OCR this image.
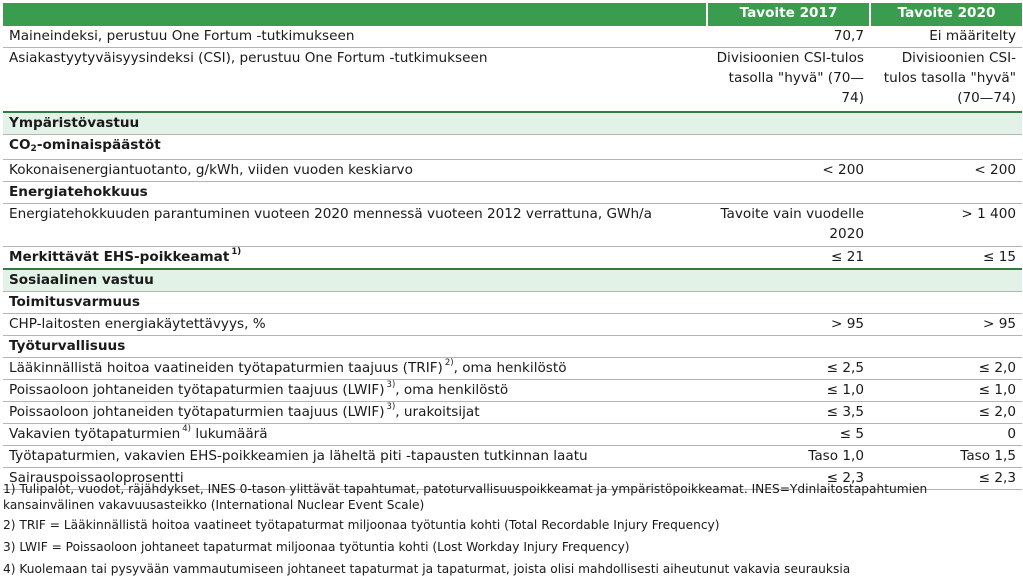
	Tavoite 2017	Tavoite 2020
Maineindeksi, perustuu One Fortum -tutkimukseen	70,7	Ei määritelty
Asiakastyytyväisyysindeksi (CSI), perustuu One Fortum -tutkimukseen	Divisioonien CSI-tulos tasolla "hyvä" (70—74)	Divisioonien CSI-tulos tasolla "hyvä" (70—74)
Ympäristövastuu		
CO2-ominaispäästöt		
Kokonaisenergiantuotanto, g/kWh, viiden vuoden keskiarvo	< 200	< 200
Energiatehokkuus		
Energiatehokkuuden parantuminen vuoteen 2020 mennessä vuoteen 2012 verrattuna, GWh/a	Tavoite vain vuodelle 2020	> 1 400
Merkittävät EHS-poikkeamat $^{1)}$	≤ 21	≤ 15
Sosiaalinen vastuu		
Toimitusvarmuus		
CHP-laitosten energiakäytettävyys, %	> 95	> 95
Työturvallisuus		
Lääkinnällistä hoitoa vaatineiden työtapaturmien taajuus (TRIF) $^{2)}$, oma henkilöstö	≤ 2,5	≤ 2,0
Poissaoloon johtaneiden työtapaturmien taajuus (LWIF) $^{3)}$, oma henkilöstö	≤ 1,0	≤ 1,0
Poissaoloon johtaneiden työtapaturmien taajuus (LWIF) $^{3)}$, urakoitsijat	≤ 3,5	≤ 2,0
Vakavien työtapaturmien $^{4)}$ lukumäärä	≤ 5	0
Työtapaturmien, vakavien EHS-poikkeamien ja läheltä piti -tapausten tutkinnan laatu	Taso 1,0	Taso 1,5
Sairauspoissaoloprosentti	≤ 2,3	≤ 2,3
1) Tulipalot, vuodot, räjähdykset, INES 0-tason ylittävät tapahtumat, patoturvallisuuspoikkeamat ja ympäristöpoikkeamat. INES=Ydinlaitostapahtumien kansainvälinen vakavuusasteikko (International Nuclear Event Scale)
2) TRIF = Lääkinnällistä hoitoa vaatineet työtapaturmat miljoonaa työtuntia kohti (Total Recordable Injury Frequency)
3) LWIF = Poissaoloon johtaneet tapaturmat miljoonaa työtuntia kohti (Lost Workday Injury Frequency)
4) Kuolemaan tai pysyvään vammautumiseen johtaneet tapaturmat ja tapaturmat, joista olisi mahdollisesti aiheutunut vakavia seurauksia
